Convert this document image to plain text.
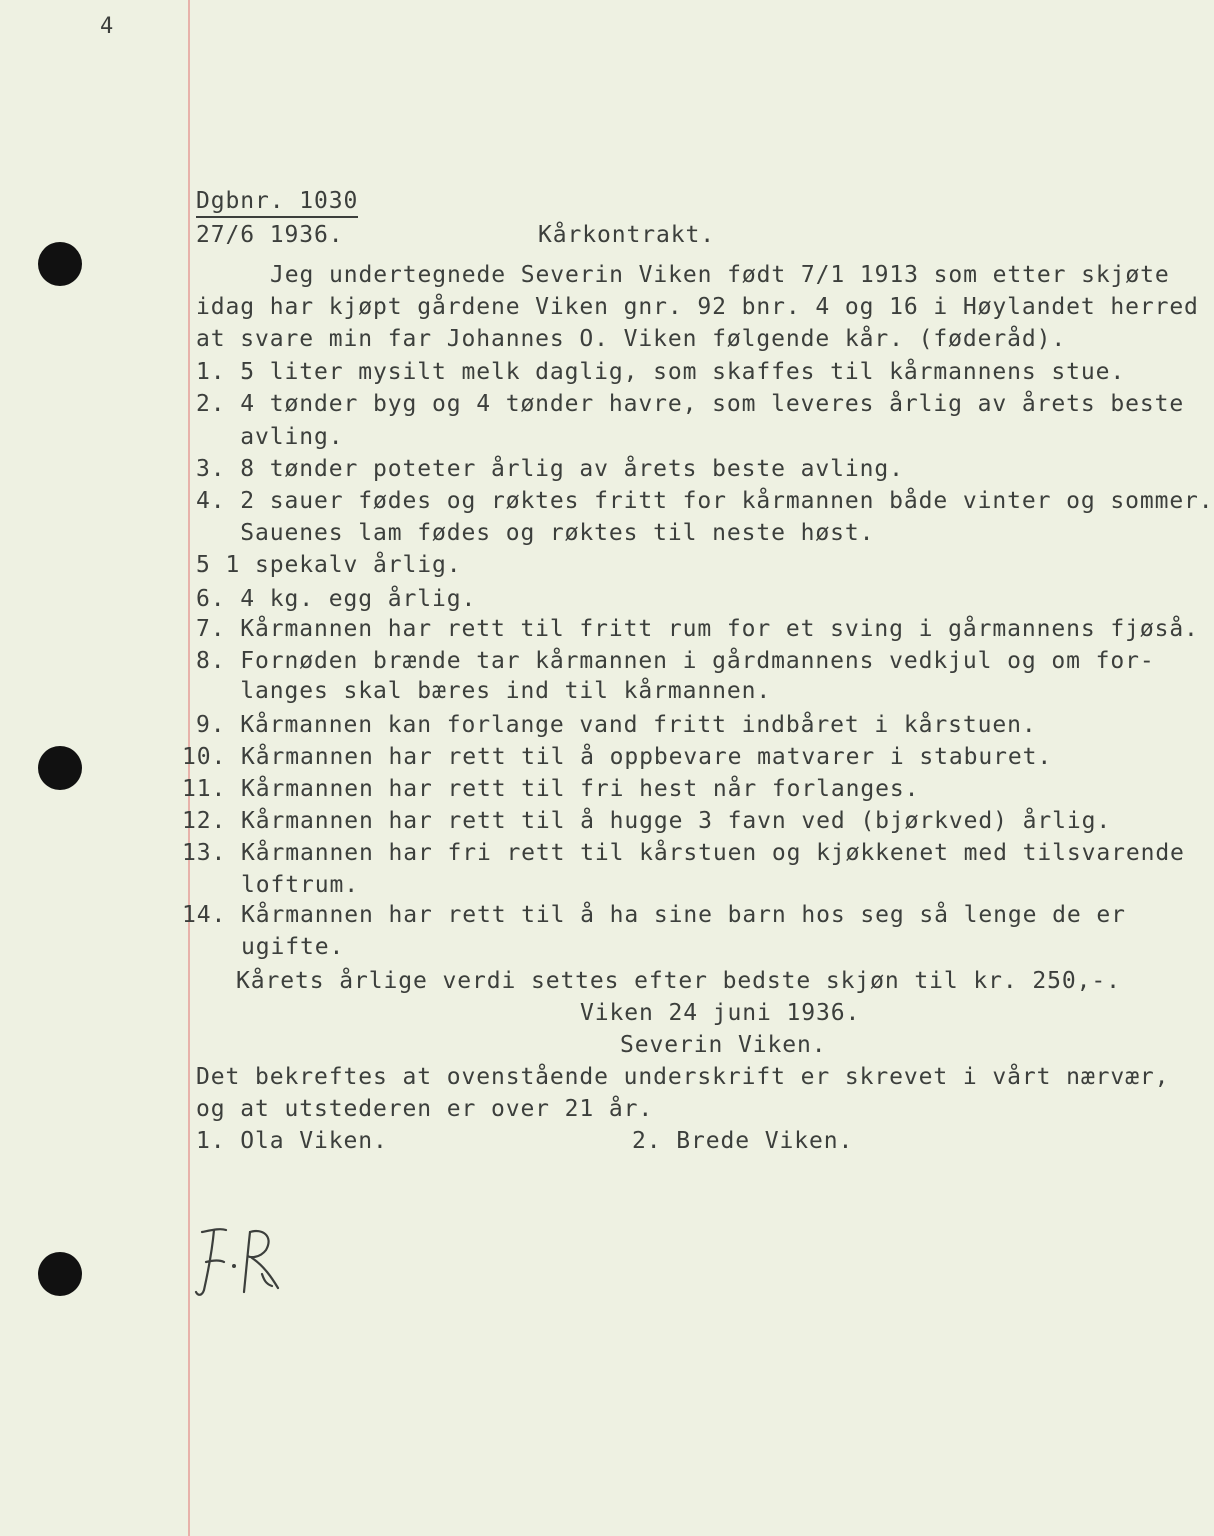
4
Dgbnr. 1030
27/6 1936.	Kårkontrakt.
Jeg undertegnede Severin Viken født 7/1 1913 som etter skjøte
idag har kjøpt gårdene Viken gnr. 92 bnr. 4 og 16 i Høylandet herred
at svare min far Johannes O. Viken følgende kår. (føderåd).
1. 5 liter mysilt melk daglig, som skaffes til kårmannens stue.
2. 4 tønder byg og 4 tønder havre, som leveres årlig av årets beste
avling.
3. 8 tønder poteter årlig av årets beste avling.
4. 2 sauer fødes og røktes fritt for kårmannen både vinter og sommer.
Sauenes lam fødes og røktes til neste høst.
5 1 spekalv årlig.
6. 4 kg. egg årlig.
7. Kårmannen har rett til fritt rum for et sving i gårmannens fjøså.
8. Fornøden brænde tar kårmannen i gårdmannens vedkjul og om for-
langes skal bæres ind til kårmannen.
9. Kårmannen kan forlange vand fritt indbåret i kårstuen.
10. Kårmannen har rett til å oppbevare matvarer i staburet.
11. Kårmannen har rett til fri hest når forlanges.
12. Kårmannen har rett til å hugge 3 favn ved (bjørkved) årlig.
13. Kårmannen har fri rett til kårstuen og kjøkkenet med tilsvarende
loftrum.
14. Kårmannen har rett til å ha sine barn hos seg så lenge de er
ugifte.
Kårets årlige verdi settes efter bedste skjøn til kr. 250,-.
Viken 24 juni 1936.
Severin Viken.
Det bekreftes at ovenstående underskrift er skrevet i vårt nærvær,
og at utstederen er over 21 år.
1. Ola Viken.	2. Brede Viken.
